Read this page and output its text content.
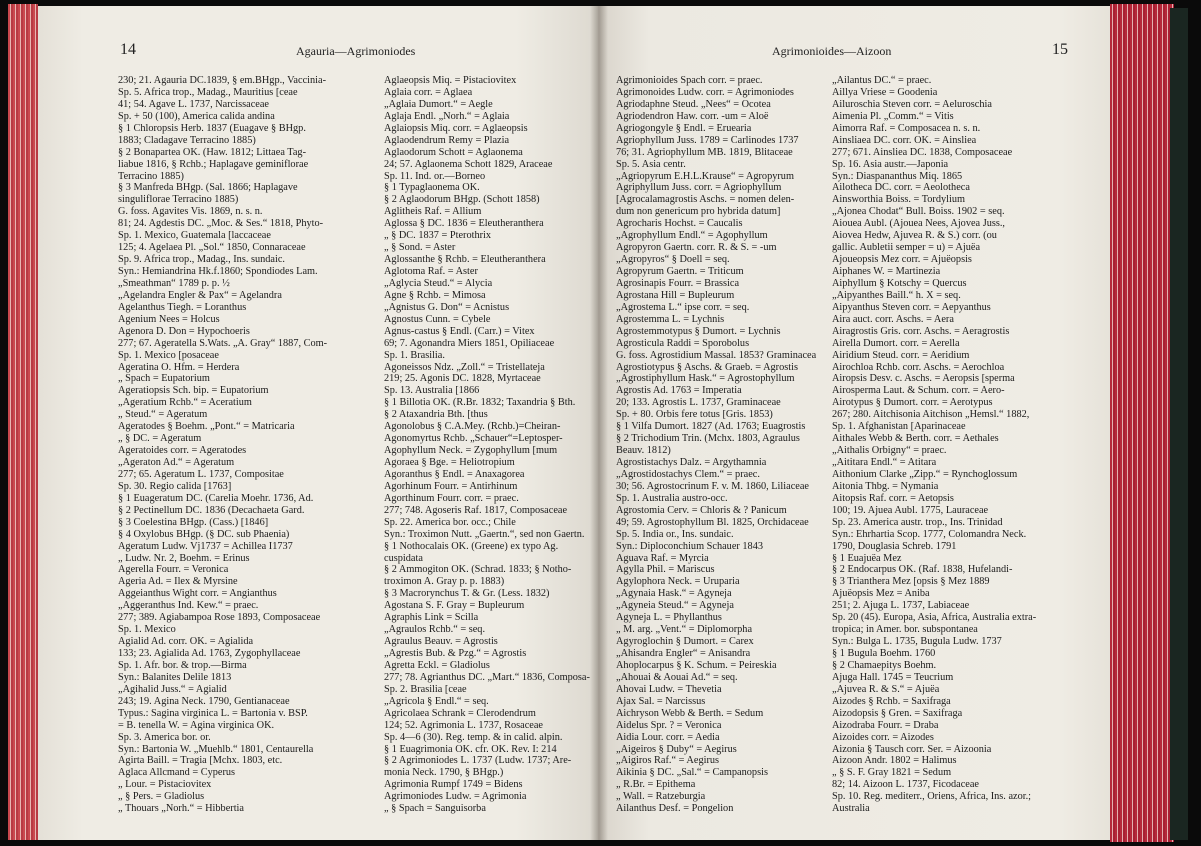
14	Agauria—Agrimoniodes
230; 21. Agauria DC.1839, § em.BHgp., Vaccinia-
Sp. 5. Africa trop., Madag., Mauritius [ceae
41; 54. Agave L. 1737, Narcissaceae
Sp. + 50 (100), America calida andina
§ 1 Chloropsis Herb. 1837 (Euagave § BHgp.
1883; Cladagave Terracino 1885)
§ 2 Bonapartea OK. (Haw. 1812; Littaea Tag-
liabue 1816, § Rchb.; Haplagave geminiflorae
Terracino 1885)
§ 3 Manfreda BHgp. (Sal. 1866; Haplagave
singuliflorae Terracino 1885)
G. foss. Agavites Vis. 1869, n. s. n.
81; 24. Agdestis DC. „Moc. & Ses.“ 1818, Phyto-
Sp. 1. Mexico, Guatemala [laccaceae
125; 4. Agelaea Pl. „Sol.“ 1850, Connaraceae
Sp. 9. Africa trop., Madag., Ins. sundaic.
Syn.: Hemiandrina Hk.f.1860; Spondiodes Lam.
„Smeathman“ 1789 p. p. ½
„Agelandra Engler & Pax“ = Agelandra
Agelanthus Tiegh. = Loranthus
Agenium Nees = Holcus
Agenora D. Don = Hypochoeris
277; 67. Ageratella S.Wats. „A. Gray“ 1887, Com-
Sp. 1. Mexico [posaceae
Ageratina O. Hfm. = Herdera
„ Spach = Eupatorium
Ageratiopsis Sch. bip. = Eupatorium
„Ageratium Rchb.“ = Aceratium
„ Steud.“ = Ageratum
Ageratodes § Boehm. „Pont.“ = Matricaria
„ § DC. = Ageratum
Ageratoides corr. = Ageratodes
„Ageraton Ad.“ = Ageratum
277; 65. Ageratum L. 1737, Compositae
Sp. 30. Regio calida [1763]
§ 1 Euageratum DC. (Carelia Moehr. 1736, Ad.
§ 2 Pectinellum DC. 1836 (Decachaeta Gard.
§ 3 Coelestina BHgp. (Cass.) [1846]
§ 4 Oxylobus BHgp. (§ DC. sub Phaenia)
Ageratum Ludw. Vj1737 = Achillea I1737
„ Ludw. Nr. 2, Boehm. = Erinus
Agerella Fourr. = Veronica
Ageria Ad. = Ilex & Myrsine
Aggeianthus Wight corr. = Angianthus
„Aggeranthus Ind. Kew.“ = praec.
277; 389. Agiabampoa Rose 1893, Composaceae
Sp. 1. Mexico
Agialid Ad. corr. OK. = Agialida
133; 23. Agialida Ad. 1763, Zygophyllaceae
Sp. 1. Afr. bor. & trop.—Birma
Syn.: Balanites Delile 1813
„Agihalid Juss.“ = Agialid
243; 19. Agina Neck. 1790, Gentianaceae
Typus.: Sagina virginica L. = Bartonia v. BSP.
= B. tenella W. = Agina virginica OK.
Sp. 3. America bor. or.
Syn.: Bartonia W. „Muehlb.“ 1801, Centaurella
Agirta Baill. = Tragia [Mchx. 1803, etc.
Aglaca Allcmand = Cyperus
„ Lour. = Pistaciovitex
„ § Pers. = Gladiolus
„ Thouars „Norh.“ = Hibbertia
Aglaeopsis Miq. = Pistaciovitex
Aglaia corr. = Aglaea
„Aglaia Dumort.“ = Aegle
Aglaja Endl. „Norh.“ = Aglaia
Aglaiopsis Miq. corr. = Aglaeopsis
Aglaodendrum Remy = Plazia
Aglaodorum Schott = Aglaonema
24; 57. Aglaonema Schott 1829, Araceae
Sp. 11. Ind. or.—Borneo
§ 1 Typaglaonema OK.
§ 2 Aglaodorum BHgp. (Schott 1858)
Aglitheis Raf. = Allium
Aglossa § DC. 1836 = Eleutheranthera
„ § DC. 1837 = Pterothrix
„ § Sond. = Aster
Aglossanthe § Rchb. = Eleutheranthera
Aglotoma Raf. = Aster
„Aglycia Steud.“ = Alycia
Agne § Rchb. = Mimosa
„Agnistus G. Don“ = Acnistus
Agnostus Cunn. = Cybele
Agnus-castus § Endl. (Carr.) = Vitex
69; 7. Agonandra Miers 1851, Opiliaceae
Sp. 1. Brasilia.
Agoneissos Ndz. „Zoll.“ = Tristellateja
219; 25. Agonis DC. 1828, Myrtaceae
Sp. 13. Australia [1866
§ 1 Billotia OK. (R.Br. 1832; Taxandria § Bth.
§ 2 Ataxandria Bth. [thus
Agonolobus § C.A.Mey. (Rchb.)=Cheiran-
Agonomyrtus Rchb. „Schauer“=Leptosper-
Agophyllum Neck. = Zygophyllum [mum
Agoraea § Bge. = Heliotropium
Agoranthus § Endl. = Anaxagorea
Agorhinum Fourr. = Antirhinum
Agorthinum Fourr. corr. = praec.
277; 748. Agoseris Raf. 1817, Composaceae
Sp. 22. America bor. occ.; Chile
Syn.: Troximon Nutt. „Gaertn.“, sed non Gaertn.
§ 1 Nothocalais OK. (Greene) ex typo Ag.
cuspidata
§ 2 Ammogiton OK. (Schrad. 1833; § Notho-
troximon A. Gray p. p. 1883)
§ 3 Macrorynchus T. & Gr. (Less. 1832)
Agostana S. F. Gray = Bupleurum
Agraphis Link = Scilla
„Agraulos Rchb.“ = seq.
Agraulus Beauv. = Agrostis
„Agrestis Bub. & Pzg.“ = Agrostis
Agretta Eckl. = Gladiolus
277; 78. Agrianthus DC. „Mart.“ 1836, Composa-
Sp. 2. Brasilia [ceae
„Agricola § Endl.“ = seq.
Agricolaea Schrank = Clerodendrum
124; 52. Agrimonia L. 1737, Rosaceae
Sp. 4—6 (30). Reg. temp. & in calid. alpin.
§ 1 Euagrimonia OK. cfr. OK. Rev. I: 214
§ 2 Agrimoniodes L. 1737 (Ludw. 1737; Are-
monia Neck. 1790, § BHgp.)
Agrimonia Rumpf 1749 = Bidens
Agrimoniodes Ludw. = Agrimonia
„ § Spach = Sanguisorba
Agrimonioides—Aizoon	15
Agrimonioides Spach corr. = praec.
Agrimonoides Ludw. corr. = Agrimoniodes
Agriodaphne Steud. „Nees“ = Ocotea
Agriodendron Haw. corr. -um = Aloë
Agriogongyle § Endl. = Eruearia
Agriophyllum Juss. 1789 = Carlinodes 1737
76; 31. Agriophyllum MB. 1819, Blitaceae
Sp. 5. Asia centr.
„Agriopyrum E.H.L.Krause“ = Agropyrum
Agriphyllum Juss. corr. = Agriophyllum
[Agrocalamagrostis Aschs. = nomen delen-
dum non genericum pro hybrida datum]
Agrocharis Hochst. = Caucalis
„Agrophyllum Endl.“ = Agophyllum
Agropyron Gaertn. corr. R. & S. = -um
„Agropyros“ § Doell = seq.
Agropyrum Gaertn. = Triticum
Agrosinapis Fourr. = Brassica
Agrostana Hill = Bupleurum
„Agrostema L.“ ipse corr. = seq.
Agrostemma L. = Lychnis
Agrostemmotypus § Dumort. = Lychnis
Agrosticula Raddi = Sporobolus
G. foss. Agrostidium Massal. 1853? Graminacea
Agrostiotypus § Aschs. & Graeb. = Agrostis
„Agrostiphyllum Hask.“ = Agrostophyllum
Agrostis Ad. 1763 = Imperatia
20; 133. Agrostis L. 1737, Graminaceae
Sp. + 80. Orbis fere totus [Gris. 1853)
§ 1 Vilfa Dumort. 1827 (Ad. 1763; Euagrostis
§ 2 Trichodium Trin. (Mchx. 1803, Agraulus
Beauv. 1812)
Agrostistachys Dalz. = Argythamnia
„Agrostidostachys Clem.“ = praec.
30; 56. Agrostocrinum F. v. M. 1860, Liliaceae
Sp. 1. Australia austro-occ.
Agrostomia Cerv. = Chloris & ? Panicum
49; 59. Agrostophyllum Bl. 1825, Orchidaceae
Sp. 5. India or., Ins. sundaic.
Syn.: Diploconchium Schauer 1843
Aguava Raf. = Myrcia
Agylla Phil. = Mariscus
Agylophora Neck. = Uruparia
„Agynaia Hask.“ = Agyneja
„Agyneia Steud.“ = Agyneja
Agyneja L. = Phyllanthus
„ M. arg. „Vent.“ = Diplomorpha
Agyroglochin § Dumort. = Carex
„Ahisandra Engler“ = Anisandra
Ahoplocarpus § K. Schum. = Peireskia
„Ahouai & Aouai Ad.“ = seq.
Ahovai Ludw. = Thevetia
Ajax Sal. = Narcissus
Aichryson Webb & Berth. = Sedum
Aidelus Spr. ? = Veronica
Aidia Lour. corr. = Aedia
„Aigeiros § Duby“ = Aegirus
„Aigiros Raf.“ = Aegirus
Aikinia § DC. „Sal.“ = Campanopsis
„ R.Br. = Epithema
„ Wall. = Ratzeburgia
Ailanthus Desf. = Pongelion
„Ailantus DC.“ = praec.
Aillya Vriese = Goodenia
Ailuroschia Steven corr. = Aeluroschia
Aimenia Pl. „Comm.“ = Vitis
Aimorra Raf. = Composacea n. s. n.
Ainsliaea DC. corr. OK. = Ainsliea
277; 671. Ainsliea DC. 1838, Composaceae
Sp. 16. Asia austr.—Japonia
Syn.: Diaspananthus Miq. 1865
Ailotheca DC. corr. = Aeolotheca
Ainsworthia Boiss. = Tordylium
„Ajonea Chodat“ Bull. Boiss. 1902 = seq.
Aiouea Aubl. (Ajouea Nees, Ajovea Juss.,
Aiovea Hedw, Ajuvea R. & S.) corr. (ou
gallic. Aubletii semper = u) = Ajuëa
Ajoueopsis Mez corr. = Ajuëopsis
Aiphanes W. = Martinezia
Aiphyllum § Kotschy = Quercus
„Aipyanthes Baill.“ h. X = seq.
Aipyanthus Steven corr. = Aepyanthus
Aira auct. corr. Aschs. = Aera
Airagrostis Gris. corr. Aschs. = Aeragrostis
Airella Dumort. corr. = Aerella
Airidium Steud. corr. = Aeridium
Airochloa Rchb. corr. Aschs. = Aerochloa
Airopsis Desv. c. Aschs. = Aeropsis [sperma
Airosperma Laut. & Schum. corr. = Aero-
Airotypus § Dumort. corr. = Aerotypus
267; 280. Aitchisonia Aitchison „Hemsl.“ 1882,
Sp. 1. Afghanistan [Aparinaceae
Aithales Webb & Berth. corr. = Aethales
„Aithalis Orbigny“ = praec.
„Aititara Endl.“ = Atitara
Aithonium Clarke „Zipp.“ = Rynchoglossum
Aitonia Thbg. = Nymania
Aitopsis Raf. corr. = Aetopsis
100; 19. Ajuea Aubl. 1775, Lauraceae
Sp. 23. America austr. trop., Ins. Trinidad
Syn.: Ehrhartia Scop. 1777, Colomandra Neck.
1790, Douglasia Schreb. 1791
§ 1 Euajuëa Mez
§ 2 Endocarpus OK. (Raf. 1838, Hufelandi-
§ 3 Trianthera Mez [opsis § Mez 1889
Ajuëopsis Mez = Aniba
251; 2. Ajuga L. 1737, Labiaceae
Sp. 20 (45). Europa, Asia, Africa, Australia extra-
tropica; in Amer. bor. subspontanea
Syn.: Bulga L. 1735, Bugula Ludw. 1737
§ 1 Bugula Boehm. 1760
§ 2 Chamaepitys Boehm.
Ajuga Hall. 1745 = Teucrium
„Ajuvea R. & S.“ = Ajuëa
Aizodes § Rchb. = Saxifraga
Aizodopsis § Gren. = Saxifraga
Aizodraba Fourr. = Draba
Aizoides corr. = Aizodes
Aizonia § Tausch corr. Ser. = Aizoonia
Aizoon Andr. 1802 = Halimus
„ § S. F. Gray 1821 = Sedum
82; 14. Aizoon L. 1737, Ficodaceae
Sp. 10. Reg. mediterr., Oriens, Africa, Ins. azor.;
Australia
